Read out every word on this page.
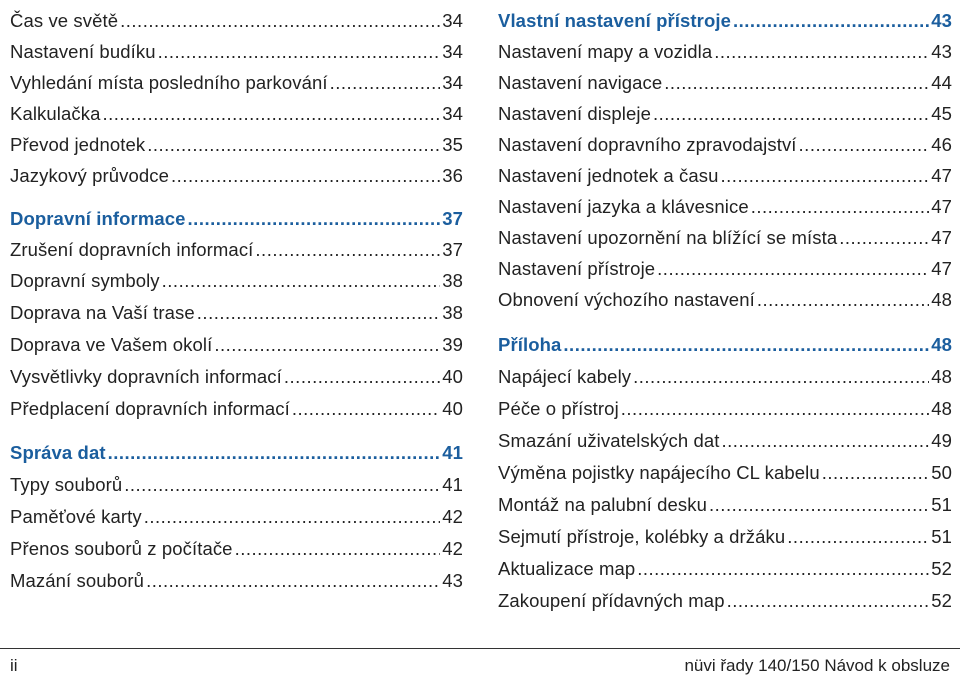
Čas ve světě .....	34
Nastavení budíku .....	34
Vyhledání místa posledního parkování .....	34
Kalkulačka .....	34
Převod jednotek .....	35
Jazykový průvodce .....	36
Dopravní informace .....	37
Zrušení dopravních informací .....	37
Dopravní symboly .....	38
Doprava na Vaší trase .....	38
Doprava ve Vašem okolí .....	39
Vysvětlivky dopravních informací .....	40
Předplacení dopravních informací .....	40
Správa dat .....	41
Typy souborů .....	41
Paměťové karty .....	42
Přenos souborů z počítače .....	42
Mazání souborů .....	43
Vlastní nastavení přístroje .....	43
Nastavení mapy a vozidla .....	43
Nastavení navigace .....	44
Nastavení displeje .....	45
Nastavení dopravního zpravodajství .....	46
Nastavení jednotek a času .....	47
Nastavení jazyka a klávesnice .....	47
Nastavení upozornění na blížící se místa .....	47
Nastavení přístroje .....	47
Obnovení výchozího nastavení .....	48
Příloha .....	48
Napájecí kabely .....	48
Péče o přístroj .....	48
Smazání uživatelských dat .....	49
Výměna pojistky napájecího CL kabelu .....	50
Montáž na palubní desku .....	51
Sejmutí přístroje, kolébky a držáku .....	51
Aktualizace map .....	52
Zakoupení přídavných map .....	52
ii	nüvi řady 140/150 Návod k obsluze
